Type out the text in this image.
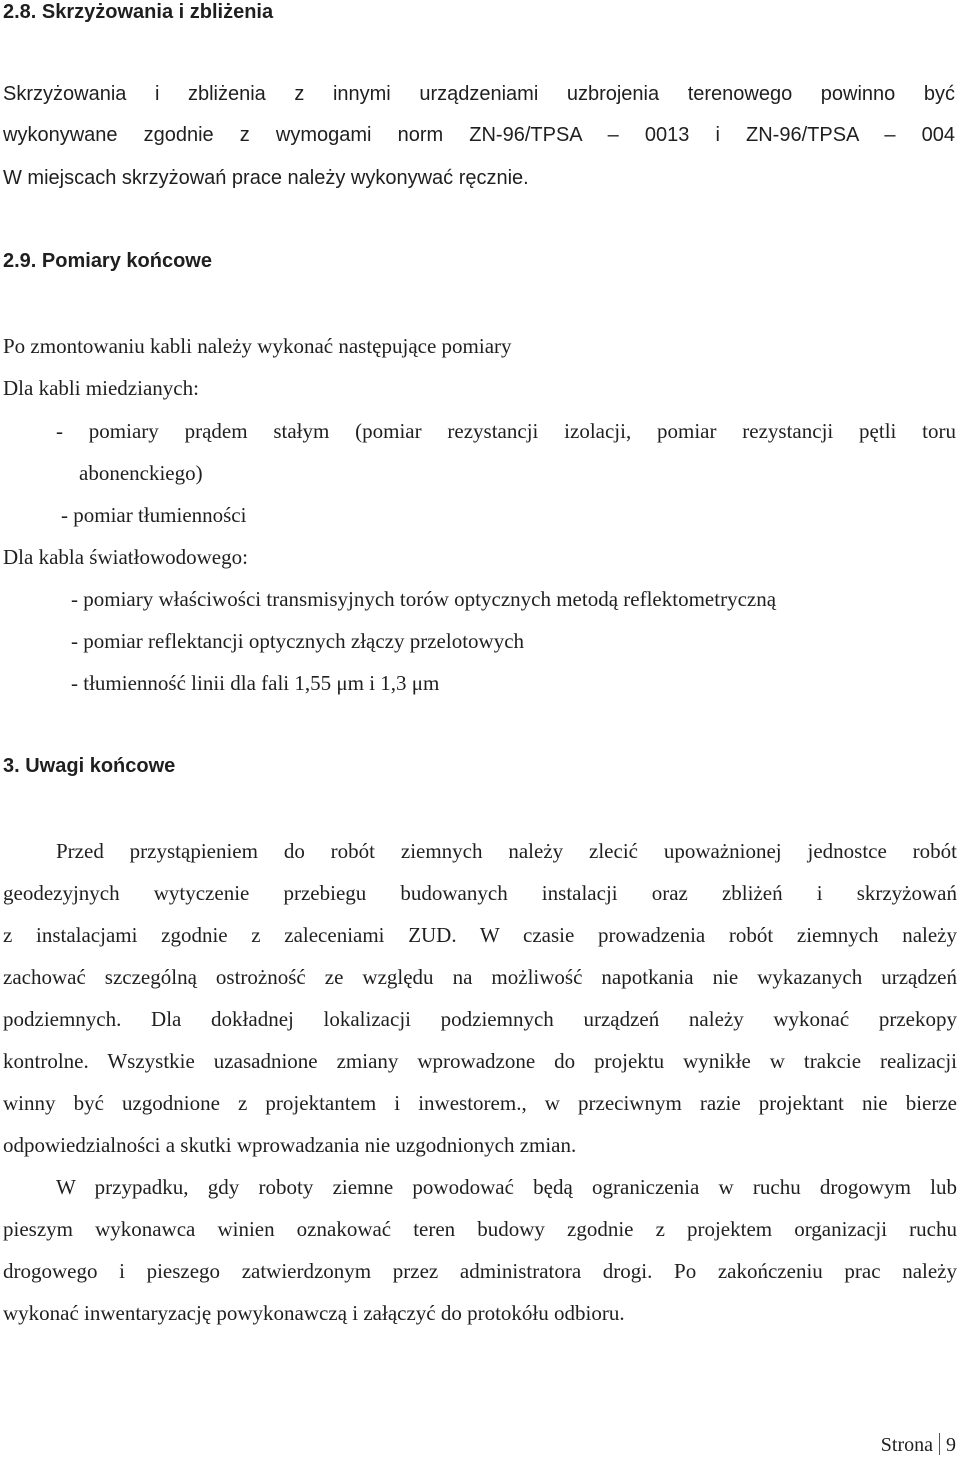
2.8. Skrzyżowania i zbliżenia
Skrzyżowania i zbliżenia z innymi urządzeniami uzbrojenia terenowego powinno być
wykonywane zgodnie z wymogami norm ZN-96/TPSA – 0013 i ZN-96/TPSA – 004
W miejscach skrzyżowań prace należy wykonywać ręcznie.
2.9. Pomiary końcowe
Po zmontowaniu kabli należy wykonać następujące pomiary
Dla kabli miedzianych:
- pomiary prądem stałym (pomiar rezystancji izolacji, pomiar rezystancji pętli toru
abonenckiego)
- pomiar tłumienności
Dla kabla światłowodowego:
- pomiary właściwości transmisyjnych torów optycznych metodą reflektometryczną
- pomiar reflektancji optycznych złączy przelotowych
- tłumienność linii dla fali 1,55 μm i 1,3 μm
3. Uwagi końcowe
Przed przystąpieniem do robót ziemnych należy zlecić upoważnionej jednostce robót
geodezyjnych wytyczenie przebiegu budowanych instalacji oraz zbliżeń i skrzyżowań
z instalacjami zgodnie z zaleceniami ZUD. W czasie prowadzenia robót ziemnych należy
zachować szczególną ostrożność ze względu na możliwość napotkania nie wykazanych urządzeń
podziemnych. Dla dokładnej lokalizacji podziemnych urządzeń należy wykonać przekopy
kontrolne. Wszystkie uzasadnione zmiany wprowadzone do projektu wynikłe w trakcie realizacji
winny być uzgodnione z projektantem i inwestorem., w przeciwnym razie projektant nie bierze
odpowiedzialności a skutki wprowadzania nie uzgodnionych zmian.
W przypadku, gdy roboty ziemne powodować będą ograniczenia w ruchu drogowym lub
pieszym wykonawca winien oznakować teren budowy zgodnie z projektem organizacji ruchu
drogowego i pieszego zatwierdzonym przez administratora drogi. Po zakończeniu prac należy
wykonać inwentaryzację powykonawczą i załączyć do protokółu odbioru.
Strona 9
